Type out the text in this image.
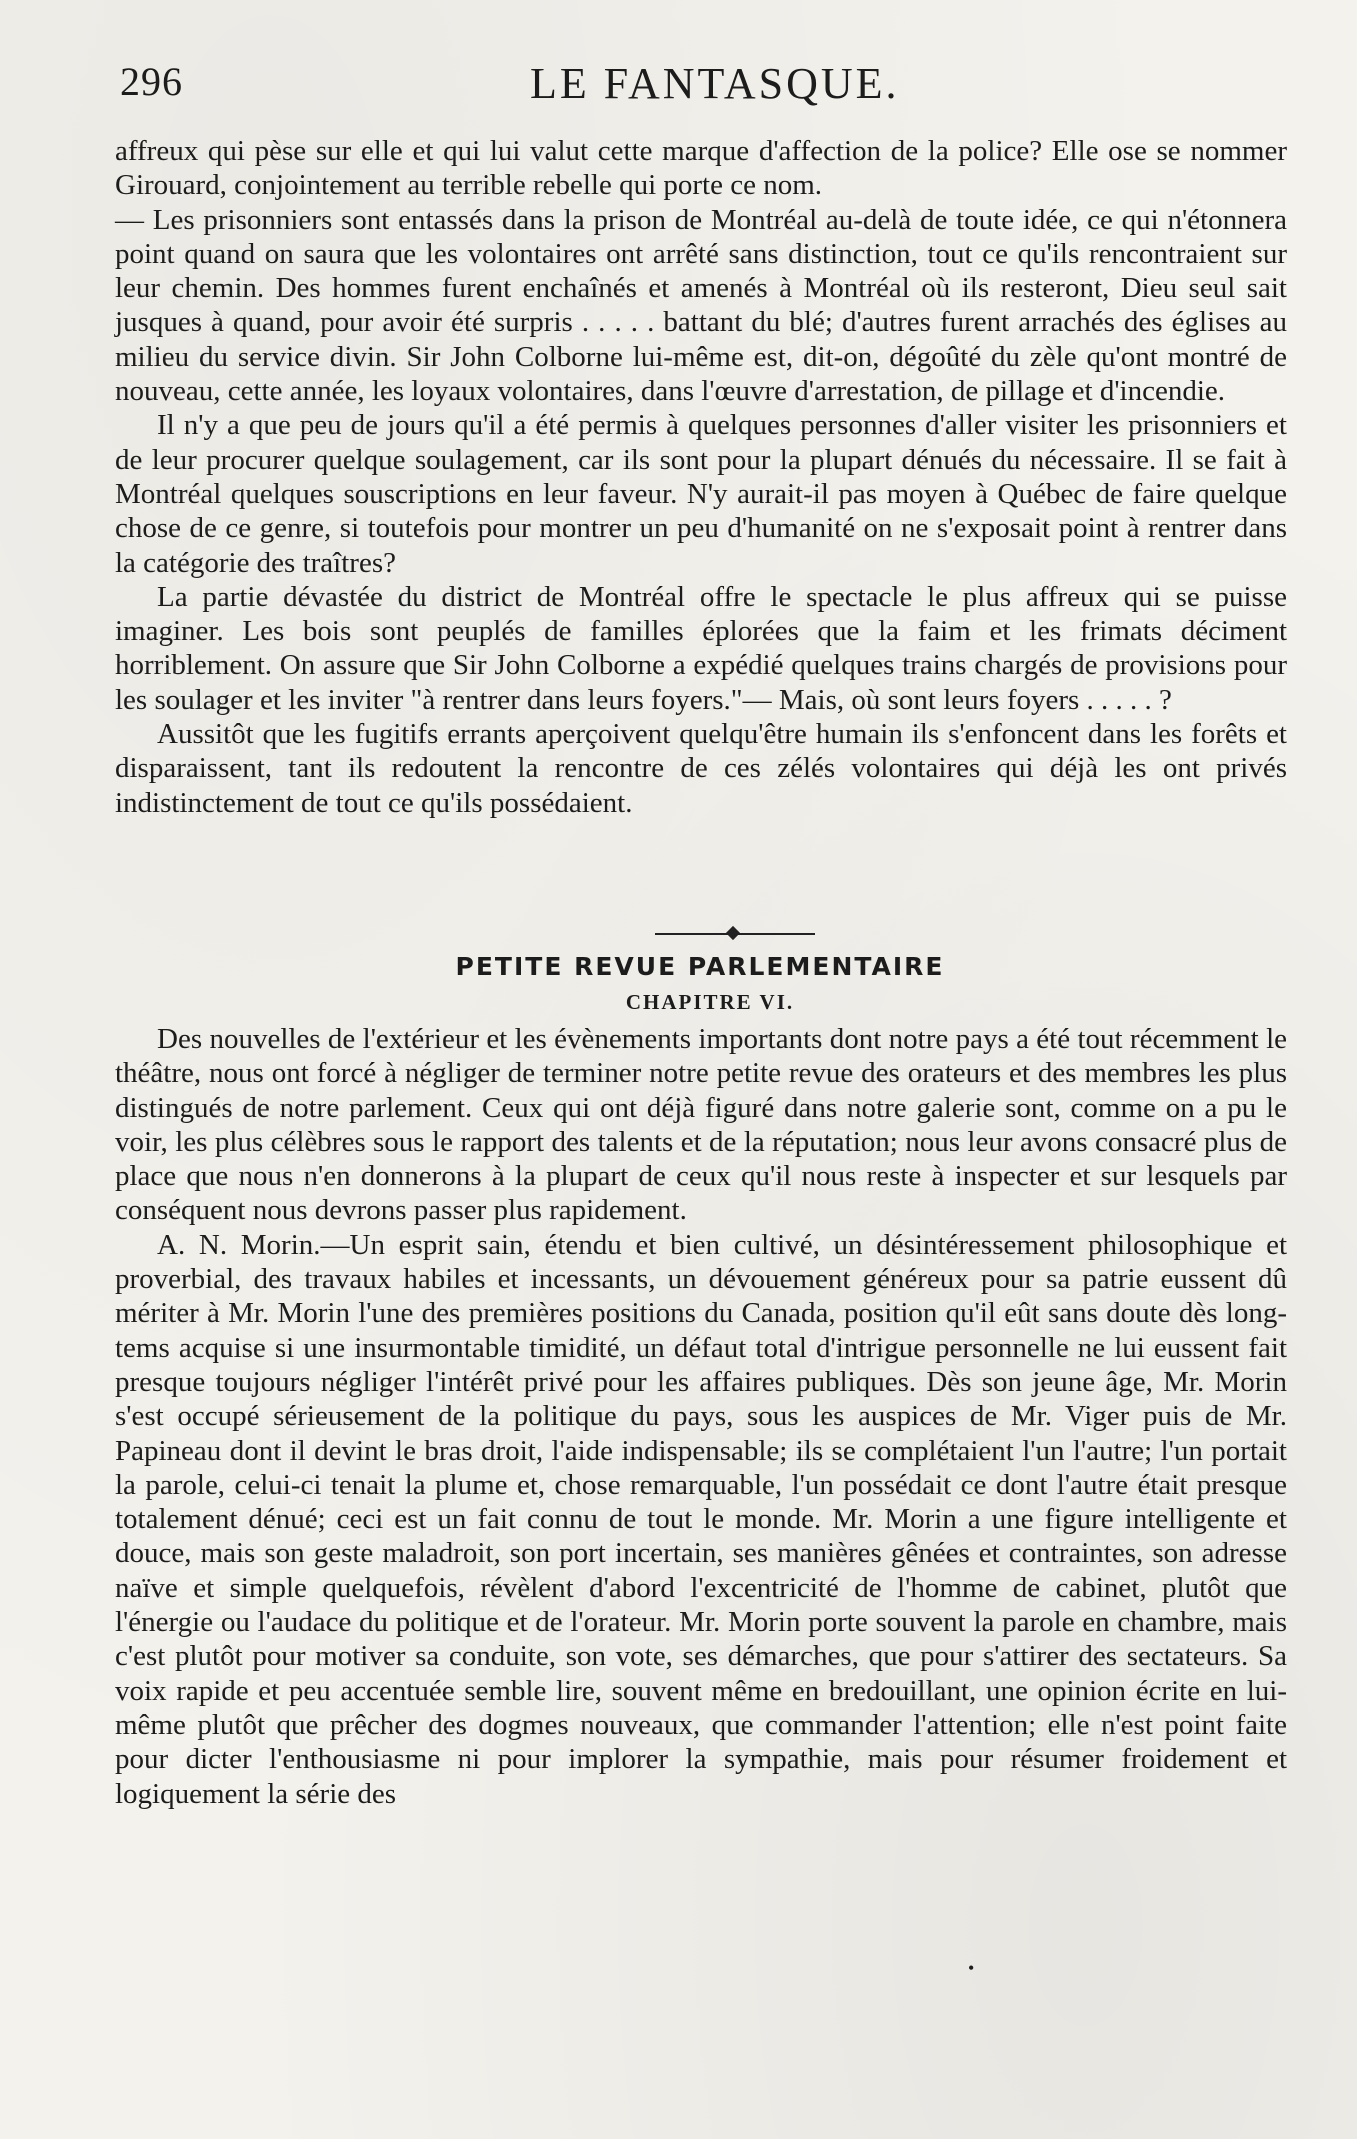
296	LE FANTASQUE.

affreux qui pèse sur elle et qui lui valut cette marque d'affection de la police? Elle ose se nommer Girouard, conjointement au terrible rebelle qui porte ce nom.

— Les prisonniers sont entassés dans la prison de Montréal au-delà de toute idée, ce qui n'étonnera point quand on saura que les volontaires ont arrêté sans distinction, tout ce qu'ils rencontraient sur leur chemin. Des hommes furent enchaînés et amenés à Montréal où ils resteront, Dieu seul sait jusques à quand, pour avoir été surpris . . . . . battant du blé; d'autres furent arrachés des églises au milieu du service divin. Sir John Colborne lui-même est, dit-on, dégoûté du zèle qu'ont montré de nouveau, cette année, les loyaux volontaires, dans l'œuvre d'arrestation, de pillage et d'incendie.

Il n'y a que peu de jours qu'il a été permis à quelques personnes d'aller visiter les prisonniers et de leur procurer quelque soulagement, car ils sont pour la plupart dénués du nécessaire. Il se fait à Montréal quelques souscriptions en leur faveur. N'y aurait-il pas moyen à Québec de faire quelque chose de ce genre, si toutefois pour montrer un peu d'humanité on ne s'exposait point à rentrer dans la catégorie des traîtres?

La partie dévastée du district de Montréal offre le spectacle le plus affreux qui se puisse imaginer. Les bois sont peuplés de familles éplorées que la faim et les frimats déciment horriblement. On assure que Sir John Colborne a expédié quelques trains chargés de provisions pour les soulager et les inviter "à rentrer dans leurs foyers."— Mais, où sont leurs foyers . . . . . ?

Aussitôt que les fugitifs errants aperçoivent quelqu'être humain ils s'enfoncent dans les forêts et disparaissent, tant ils redoutent la rencontre de ces zélés volontaires qui déjà les ont privés indistinctement de tout ce qu'ils possédaient.

PETITE REVUE PARLEMENTAIRE
CHAPITRE VI.

Des nouvelles de l'extérieur et les évènements importants dont notre pays a été tout récemment le théâtre, nous ont forcé à négliger de terminer notre petite revue des orateurs et des membres les plus distingués de notre parlement. Ceux qui ont déjà figuré dans notre galerie sont, comme on a pu le voir, les plus célèbres sous le rapport des talents et de la réputation; nous leur avons consacré plus de place que nous n'en donnerons à la plupart de ceux qu'il nous reste à inspecter et sur lesquels par conséquent nous devrons passer plus rapidement.

A. N. Morin.—Un esprit sain, étendu et bien cultivé, un désintéressement philosophique et proverbial, des travaux habiles et incessants, un dévouement généreux pour sa patrie eussent dû mériter à Mr. Morin l'une des premières positions du Canada, position qu'il eût sans doute dès long-tems acquise si une insurmontable timidité, un défaut total d'intrigue personnelle ne lui eussent fait presque toujours négliger l'intérêt privé pour les affaires publiques. Dès son jeune âge, Mr. Morin s'est occupé sérieusement de la politique du pays, sous les auspices de Mr. Viger puis de Mr. Papineau dont il devint le bras droit, l'aide indispensable; ils se complétaient l'un l'autre; l'un portait la parole, celui-ci tenait la plume et, chose remarquable, l'un possédait ce dont l'autre était presque totalement dénué; ceci est un fait connu de tout le monde. Mr. Morin a une figure intelligente et douce, mais son geste maladroit, son port incertain, ses manières gênées et contraintes, son adresse naïve et simple quelquefois, révèlent d'abord l'excentricité de l'homme de cabinet, plutôt que l'énergie ou l'audace du politique et de l'orateur. Mr. Morin porte souvent la parole en chambre, mais c'est plutôt pour motiver sa conduite, son vote, ses démarches, que pour s'attirer des sectateurs. Sa voix rapide et peu accentuée semble lire, souvent même en bredouillant, une opinion écrite en lui-même plutôt que prêcher des dogmes nouveaux, que commander l'attention; elle n'est point faite pour dicter l'enthousiasme ni pour implorer la sympathie, mais pour résumer froidement et logiquement la série des

•
